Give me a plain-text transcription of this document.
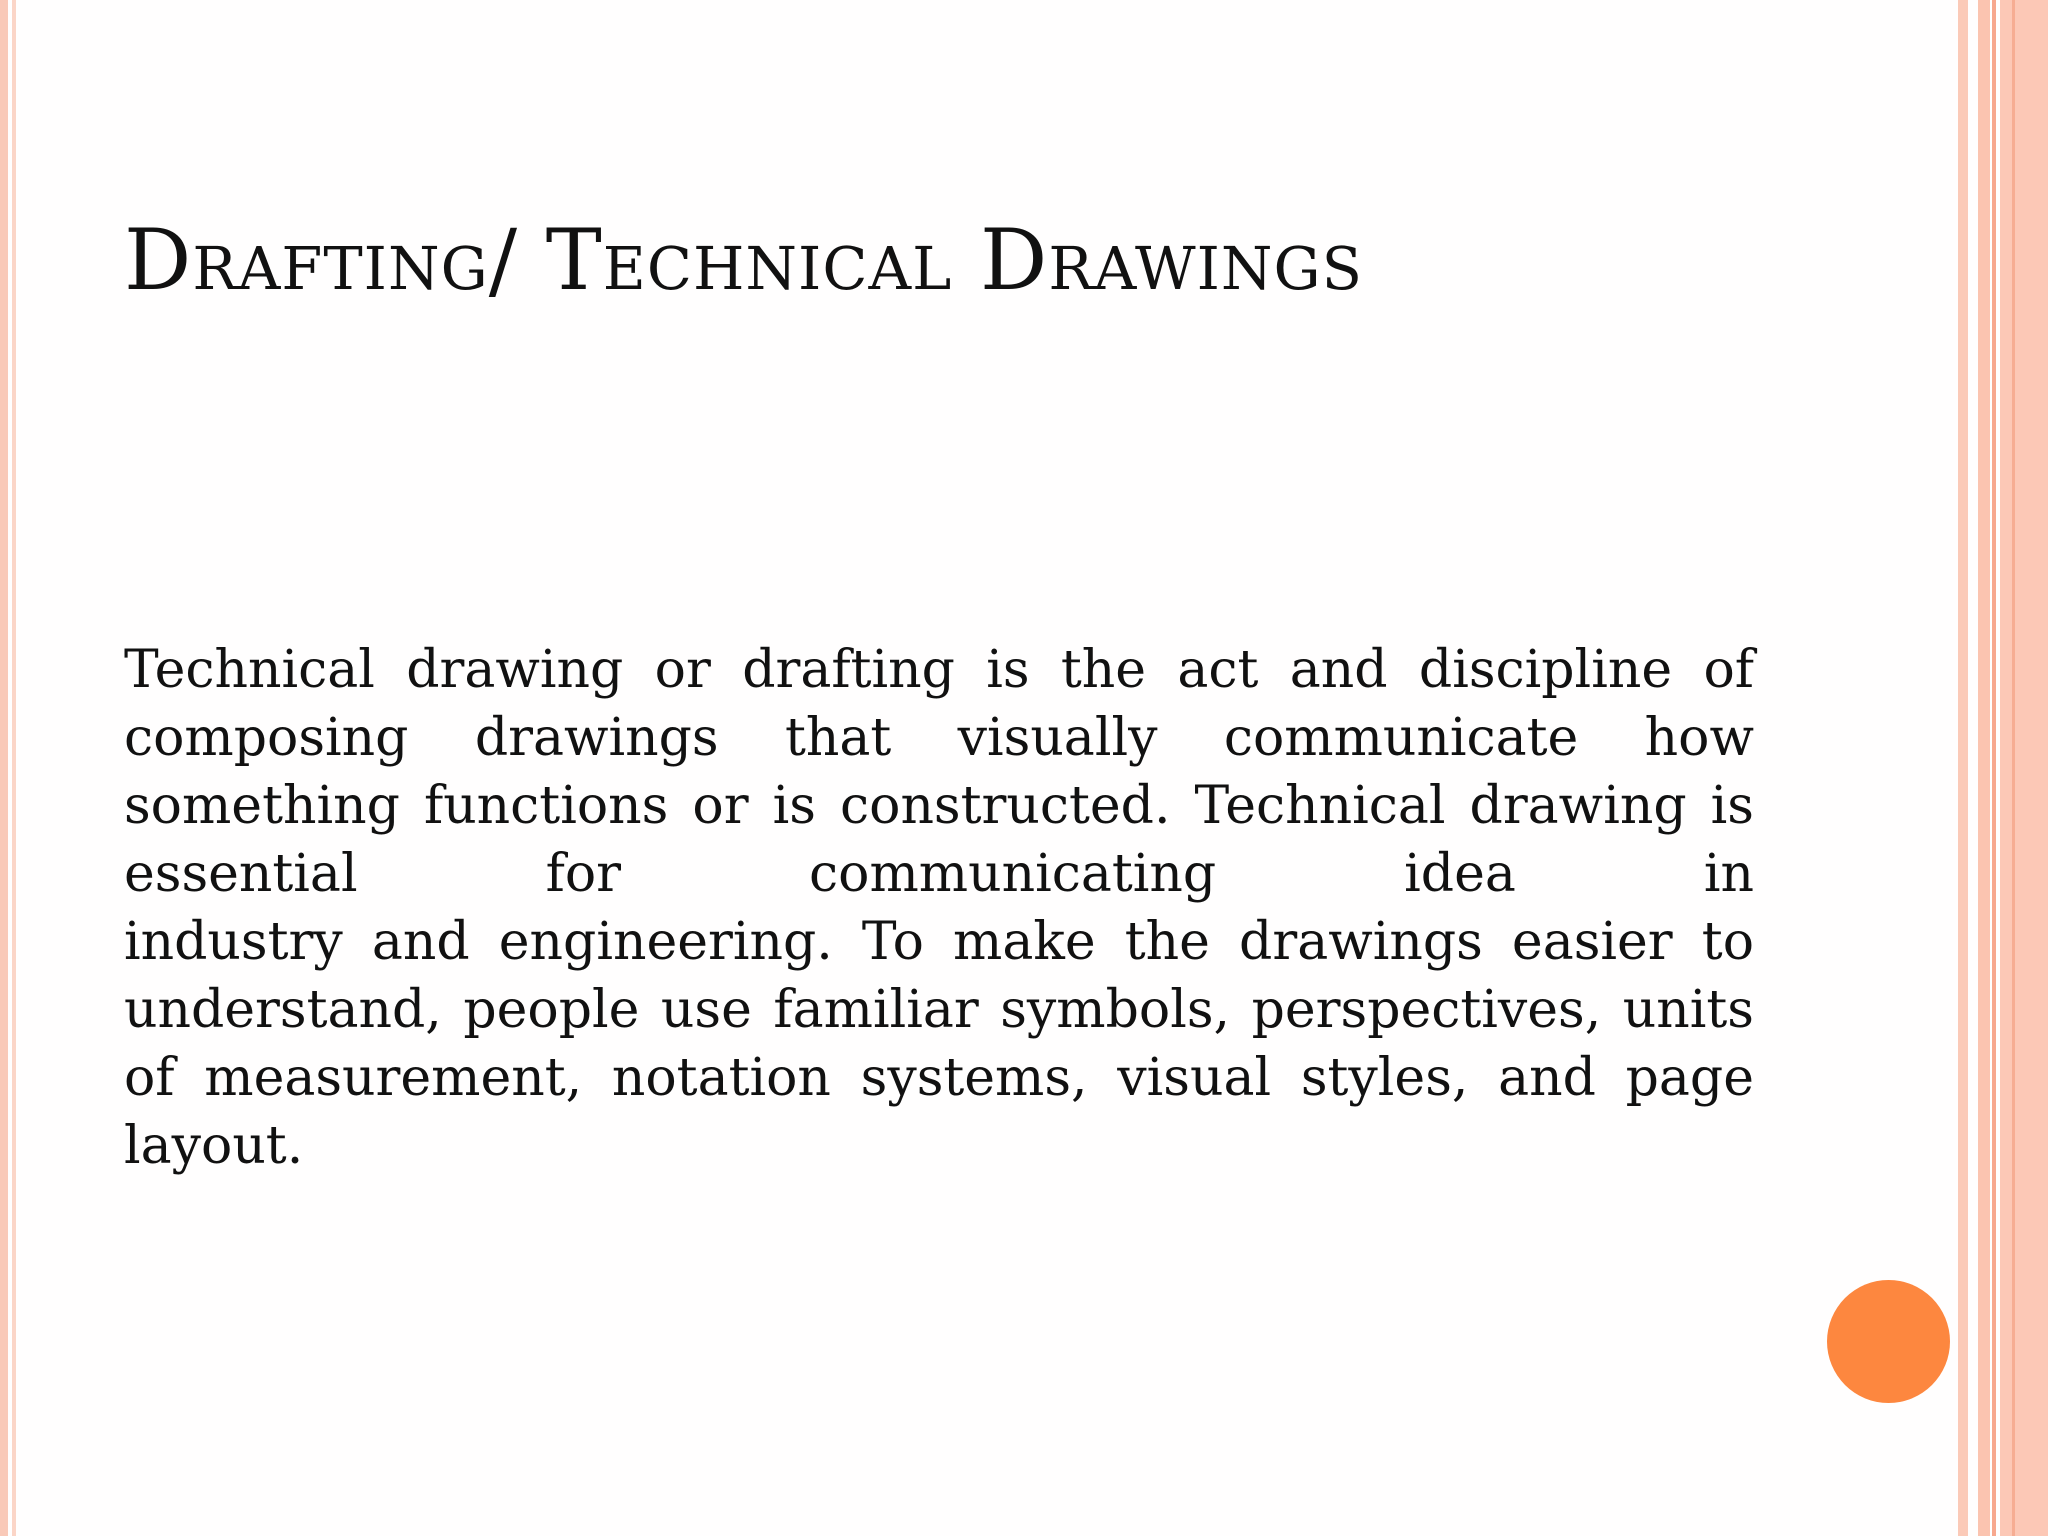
Drafting/ Technical Drawings
Technical drawing or drafting is the act and discipline of
composing drawings that visually communicate how
something functions or is constructed. Technical drawing is
essential for communicating idea in
industry and engineering. To make the drawings easier to
understand, people use familiar symbols, perspectives, units
of measurement, notation systems, visual styles, and page
layout.
